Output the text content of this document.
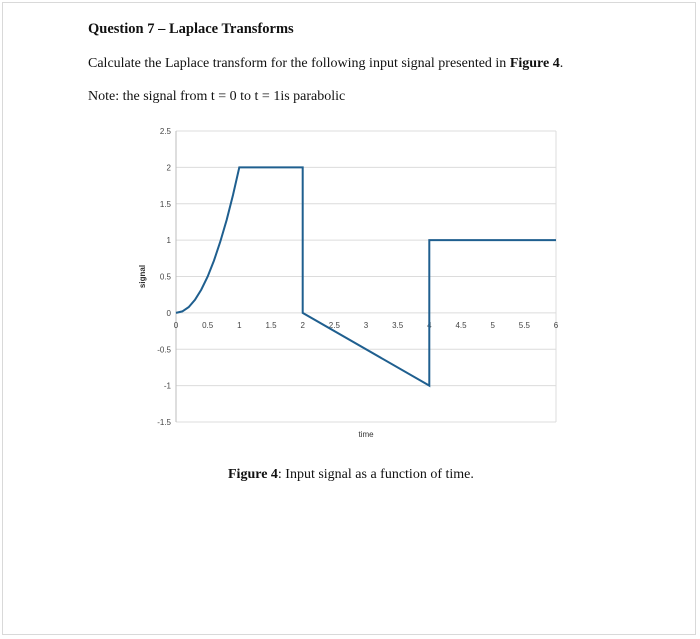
Question 7 – Laplace Transforms
Calculate the Laplace transform for the following input signal presented in Figure 4.
Note: the signal from t = 0 to t = 1is parabolic
2.5
2
1.5
1
0.5
0
-0.5
-1
-1.5
0	0.5	1	1.5	2	2.5	3	3.5	4	4.5	5	5.5	6
time
signal
Figure 4: Input signal as a function of time.
